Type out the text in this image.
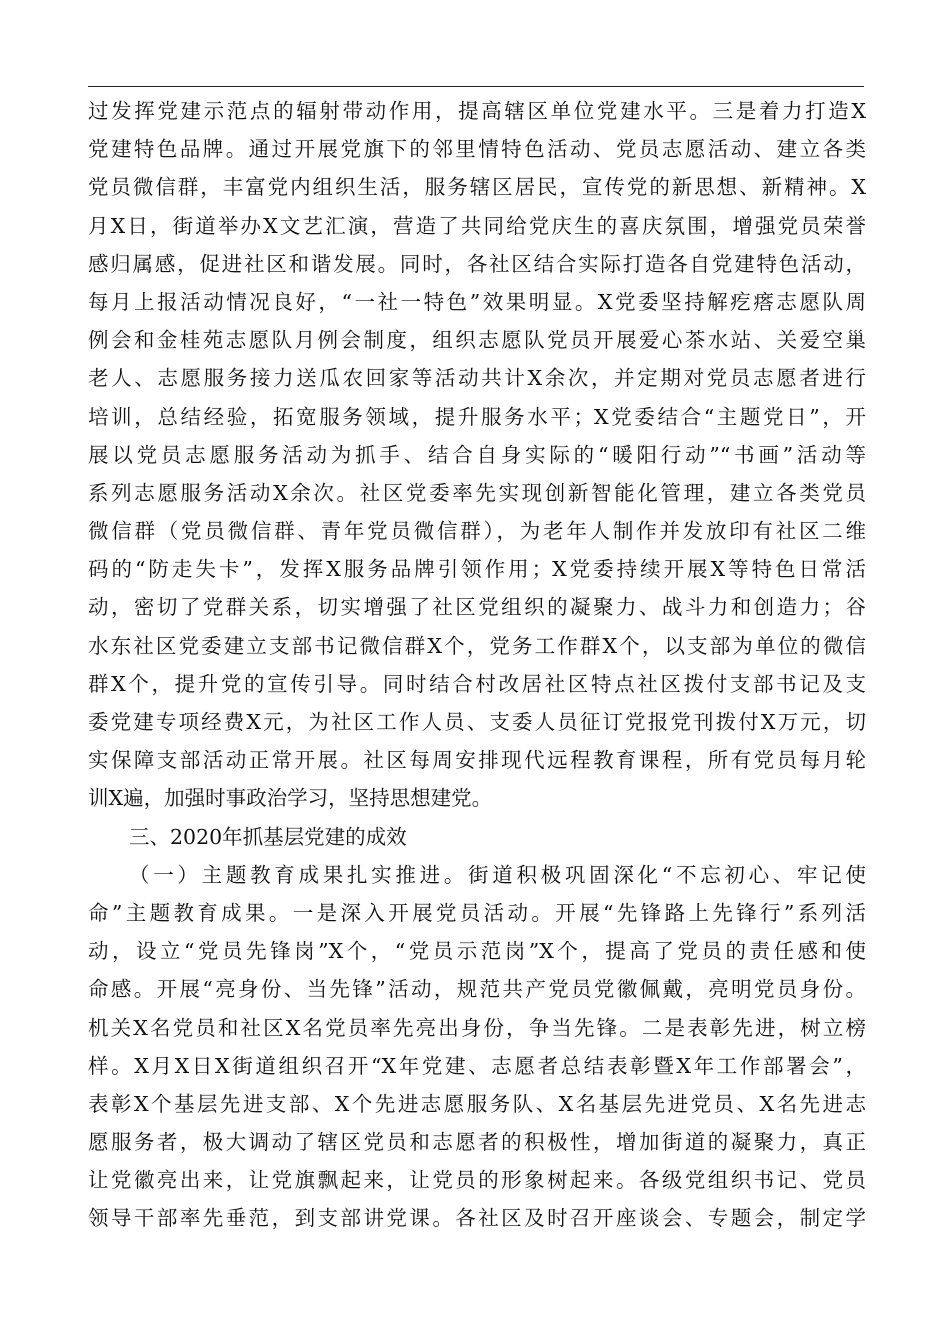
过发挥党建示范点的辐射带动作用，提高辖区单位党建水平。三是着力打造X
党建特色品牌。通过开展党旗下的邻里情特色活动、党员志愿活动、建立各类
党员微信群，丰富党内组织生活，服务辖区居民，宣传党的新思想、新精神。X
月X日，街道举办X文艺汇演，营造了共同给党庆生的喜庆氛围，增强党员荣誉
感归属感，促进社区和谐发展。同时，各社区结合实际打造各自党建特色活动，
每月上报活动情况良好，“一社一特色”效果明显。X党委坚持解疙瘩志愿队周
例会和金桂苑志愿队月例会制度，组织志愿队党员开展爱心茶水站、关爱空巢
老人、志愿服务接力送瓜农回家等活动共计X余次，并定期对党员志愿者进行
培训，总结经验，拓宽服务领域，提升服务水平；X党委结合“主题党日”，开
展以党员志愿服务活动为抓手、结合自身实际的“暖阳行动”“书画”活动等
系列志愿服务活动X余次。社区党委率先实现创新智能化管理，建立各类党员
微信群（党员微信群、青年党员微信群），为老年人制作并发放印有社区二维
码的“防走失卡”，发挥X服务品牌引领作用；X党委持续开展X等特色日常活
动，密切了党群关系，切实增强了社区党组织的凝聚力、战斗力和创造力；谷
水东社区党委建立支部书记微信群X个，党务工作群X个，以支部为单位的微信
群X个，提升党的宣传引导。同时结合村改居社区特点社区拨付支部书记及支
委党建专项经费X元，为社区工作人员、支委人员征订党报党刊拨付X万元，切
实保障支部活动正常开展。社区每周安排现代远程教育课程，所有党员每月轮
训X遍，加强时事政治学习，坚持思想建党。
三、2020年抓基层党建的成效
（一）主题教育成果扎实推进。街道积极巩固深化“不忘初心、牢记使
命”主题教育成果。一是深入开展党员活动。开展“先锋路上先锋行”系列活
动，设立“党员先锋岗”X个，“党员示范岗”X个，提高了党员的责任感和使
命感。开展“亮身份、当先锋”活动，规范共产党员党徽佩戴，亮明党员身份。
机关X名党员和社区X名党员率先亮出身份，争当先锋。二是表彰先进，树立榜
样。X月X日X街道组织召开“X年党建、志愿者总结表彰暨X年工作部署会”，
表彰X个基层先进支部、X个先进志愿服务队、X名基层先进党员、X名先进志
愿服务者，极大调动了辖区党员和志愿者的积极性，增加街道的凝聚力，真正
让党徽亮出来，让党旗飘起来，让党员的形象树起来。各级党组织书记、党员
领导干部率先垂范，到支部讲党课。各社区及时召开座谈会、专题会，制定学
